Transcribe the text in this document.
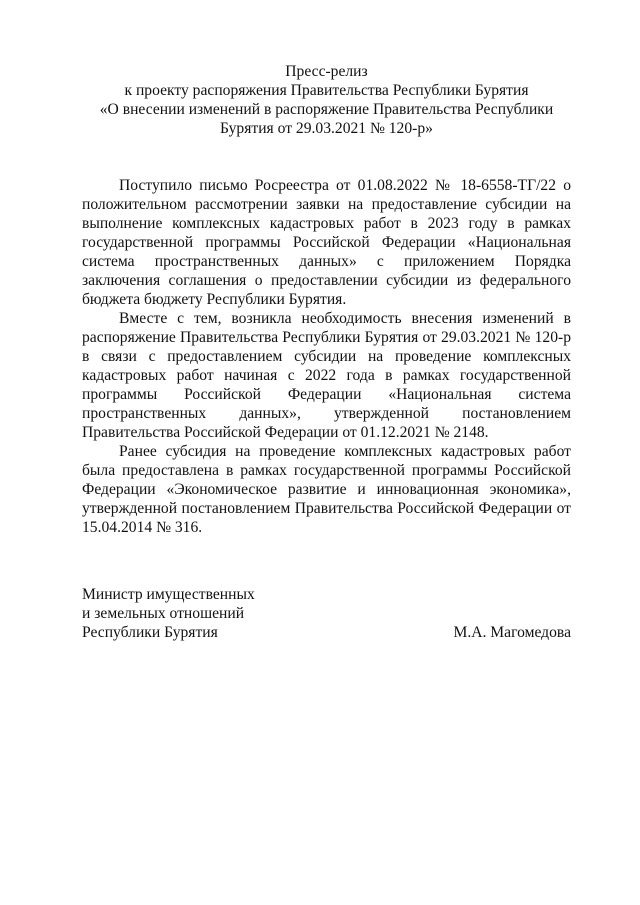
Пресс-релиз
к проекту распоряжения Правительства Республики Бурятия
«О внесении изменений в распоряжение Правительства Республики
Бурятия от 29.03.2021 № 120-р»

Поступило письмо Росреестра от 01.08.2022 № 18-6558-ТГ/22 о положительном рассмотрении заявки на предоставление субсидии на выполнение комплексных кадастровых работ в 2023 году в рамках государственной программы Российской Федерации «Национальная система пространственных данных» с приложением Порядка заключения соглашения о предоставлении субсидии из федерального бюджета бюджету Республики Бурятия.

Вместе с тем, возникла необходимость внесения изменений в распоряжение Правительства Республики Бурятия от 29.03.2021 № 120-р в связи с предоставлением субсидии на проведение комплексных кадастровых работ начиная с 2022 года в рамках государственной программы Российской Федерации «Национальная система пространственных данных», утвержденной постановлением Правительства Российской Федерации от 01.12.2021 № 2148.

Ранее субсидия на проведение комплексных кадастровых работ была предоставлена в рамках государственной программы Российской Федерации «Экономическое развитие и инновационная экономика», утвержденной постановлением Правительства Российской Федерации от 15.04.2014 № 316.

Министр имущественных
и земельных отношений
Республики Бурятия	М.А. Магомедова
